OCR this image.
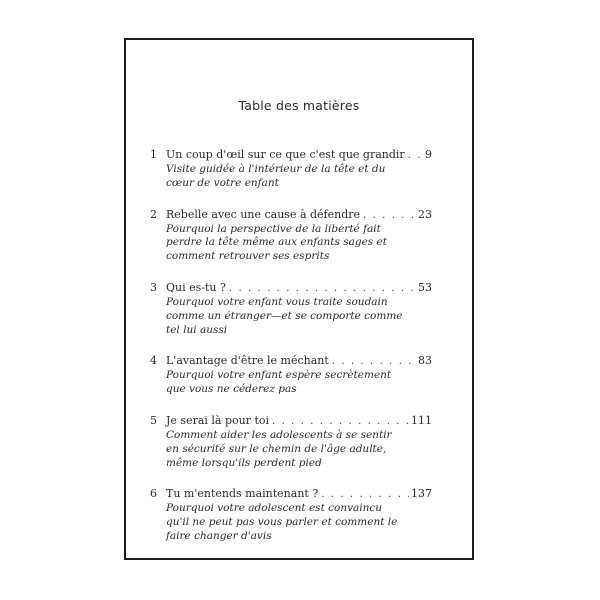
Table des matières
1 Un coup d'œil sur ce que c'est que grandir . . . 9
Visite guidée à l'intérieur de la tête et du cœur de votre enfant
2 Rebelle avec une cause à défendre . . .	23
Pourquoi la perspective de la liberté fait perdre la tête même aux enfants sages et comment retrouver ses esprits
3 Qui es-tu ? . . .	53
Pourquoi votre enfant vous traite soudain comme un étranger—et se comporte comme tel lui aussi
4 L'avantage d'être le méchant . . .	83
Pourquoi votre enfant espère secrètement que vous ne céderez pas
5 Je serai là pour toi . . .	111
Comment aider les adolescents à se sentir en sécurité sur le chemin de l'âge adulte, même lorsqu'ils perdent pied
6 Tu m'entends maintenant ? . . .	137
Pourquoi votre adolescent est convaincu qu'il ne peut pas vous parler et comment le faire changer d'avis
